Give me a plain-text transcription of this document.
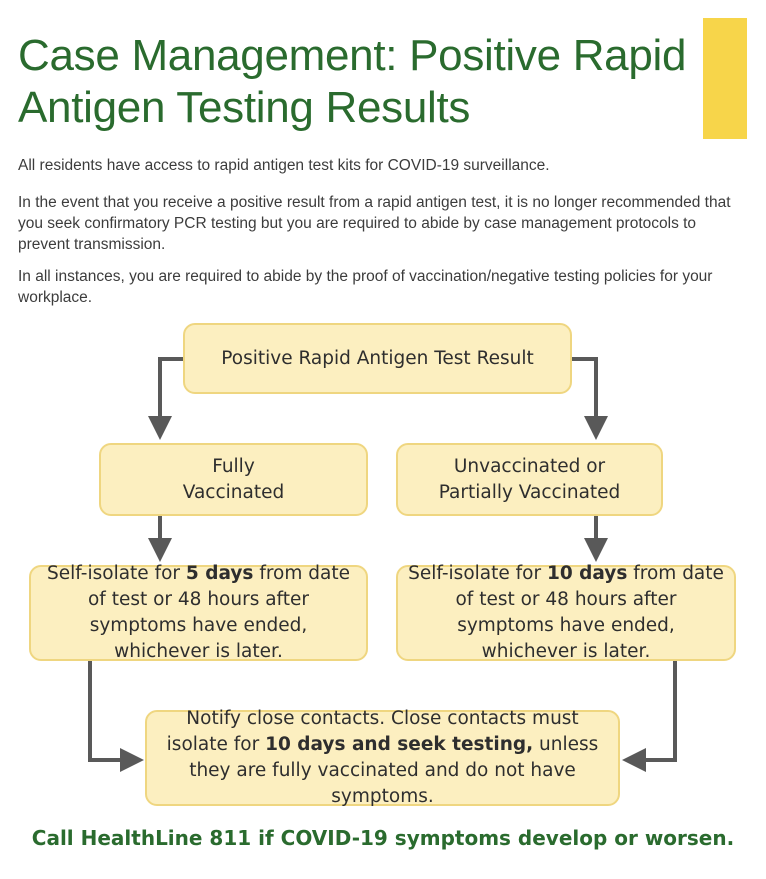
Case Management: Positive Rapid Antigen Testing Results

All residents have access to rapid antigen test kits for COVID-19 surveillance.

In the event that you receive a positive result from a rapid antigen test, it is no longer recommended that you seek confirmatory PCR testing but you are required to abide by case management protocols to prevent transmission.

In all instances, you are required to abide by the proof of vaccination/negative testing policies for your workplace.

Positive Rapid Antigen Test Result
Fully
Vaccinated
Unvaccinated or
Partially Vaccinated
Self-isolate for 5 days from date of test or 48 hours after symptoms have ended, whichever is later.
Self-isolate for 10 days from date of test or 48 hours after symptoms have ended, whichever is later.
Notify close contacts. Close contacts must isolate for 10 days and seek testing, unless they are fully vaccinated and do not have symptoms.
Call HealthLine 811 if COVID-19 symptoms develop or worsen.
